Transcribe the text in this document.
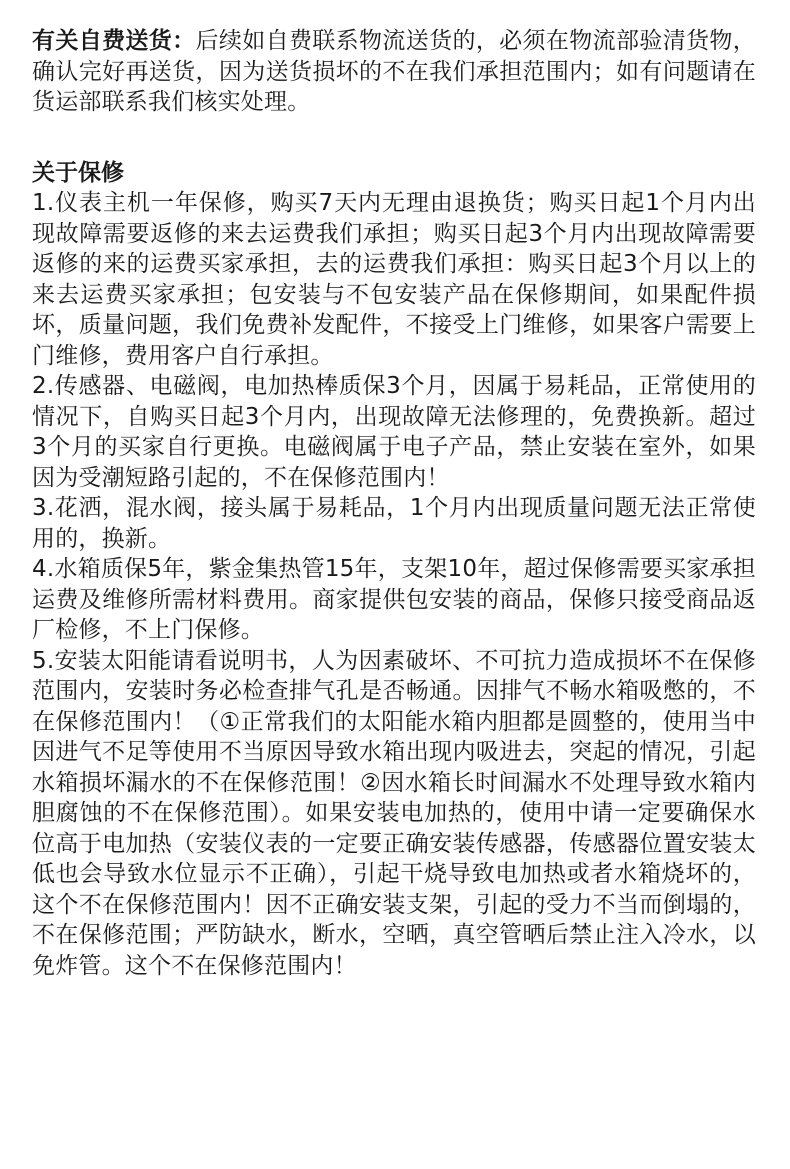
有关自费送货：后续如自费联系物流送货的，必须在物流部验清货物，确认完好再送货，因为送货损坏的不在我们承担范围内；如有问题请在货运部联系我们核实处理。

关于保修

1.仪表主机一年保修，购买7天内无理由退换货；购买日起1个月内出现故障需要返修的来去运费我们承担；购买日起3个月内出现故障需要返修的来的运费买家承担，去的运费我们承担：购买日起3个月以上的来去运费买家承担；包安装与不包安装产品在保修期间，如果配件损坏，质量问题，我们免费补发配件，不接受上门维修，如果客户需要上门维修，费用客户自行承担。

2.传感器、电磁阀，电加热棒质保3个月，因属于易耗品，正常使用的情况下，自购买日起3个月内，出现故障无法修理的，免费换新。超过3个月的买家自行更换。电磁阀属于电子产品，禁止安装在室外，如果因为受潮短路引起的，不在保修范围内！

3.花洒，混水阀，接头属于易耗品，1个月内出现质量问题无法正常使用的，换新。

4.水箱质保5年，紫金集热管15年，支架10年，超过保修需要买家承担运费及维修所需材料费用。商家提供包安装的商品，保修只接受商品返厂检修，不上门保修。

5.安装太阳能请看说明书，人为因素破坏、不可抗力造成损坏不在保修范围内，安装时务必检查排气孔是否畅通。因排气不畅水箱吸憋的，不在保修范围内！（①正常我们的太阳能水箱内胆都是圆整的，使用当中因进气不足等使用不当原因导致水箱出现内吸进去，突起的情况，引起水箱损坏漏水的不在保修范围！②因水箱长时间漏水不处理导致水箱内胆腐蚀的不在保修范围）。如果安装电加热的，使用中请一定要确保水位高于电加热（安装仪表的一定要正确安装传感器，传感器位置安装太低也会导致水位显示不正确），引起干烧导致电加热或者水箱烧坏的，这个不在保修范围内！因不正确安装支架，引起的受力不当而倒塌的，不在保修范围；严防缺水，断水，空晒，真空管晒后禁止注入冷水，以免炸管。这个不在保修范围内！
